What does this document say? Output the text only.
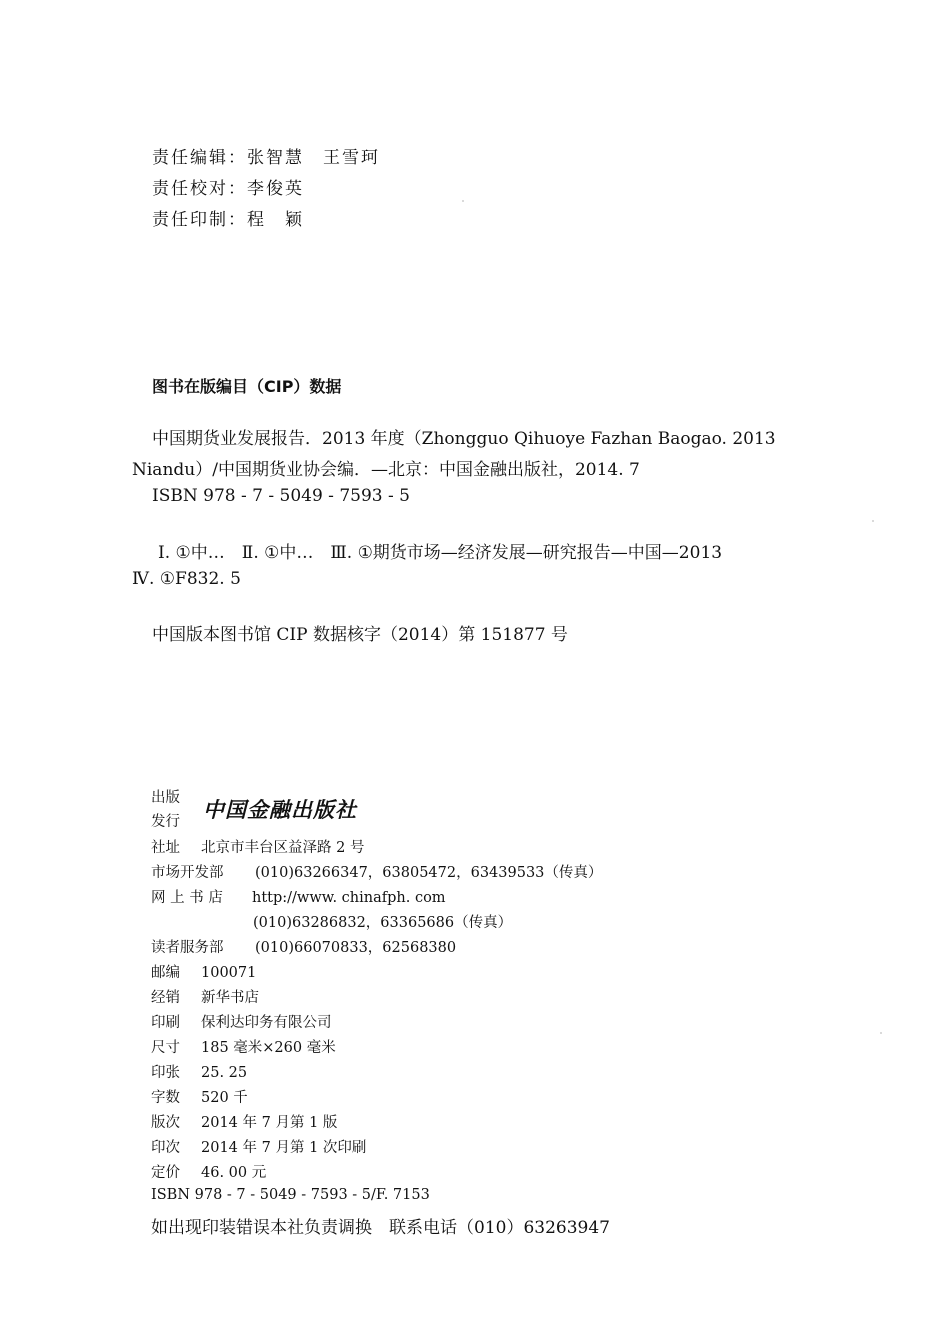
责任编辑：张智慧　王雪珂
责任校对：李俊英
责任印制：程　颖
图书在版编目（CIP）数据
中国期货业发展报告．2013 年度（Zhongguo Qihuoye Fazhan Baogao. 2013
Niandu）/中国期货业协会编．—北京：中国金融出版社，2014. 7
ISBN 978 - 7 - 5049 - 7593 - 5
Ⅰ. ①中…　Ⅱ. ①中…　Ⅲ. ①期货市场—经济发展—研究报告—中国—2013
Ⅳ. ①F832. 5
中国版本图书馆 CIP 数据核字（2014）第 151877 号
出版
发行 中国金融出版社
社址 北京市丰台区益泽路 2 号
市场开发部 (010)63266347，63805472，63439533（传真）
网 上 书 店 http://www. chinafph. com
(010)63286832，63365686（传真）
读者服务部 (010)66070833，62568380
邮编 100071
经销 新华书店
印刷 保利达印务有限公司
尺寸 185 毫米×260 毫米
印张 25. 25
字数 520 千
版次 2014 年 7 月第 1 版
印次 2014 年 7 月第 1 次印刷
定价 46. 00 元
ISBN 978 - 7 - 5049 - 7593 - 5/F. 7153
如出现印装错误本社负责调换　联系电话（010）63263947
